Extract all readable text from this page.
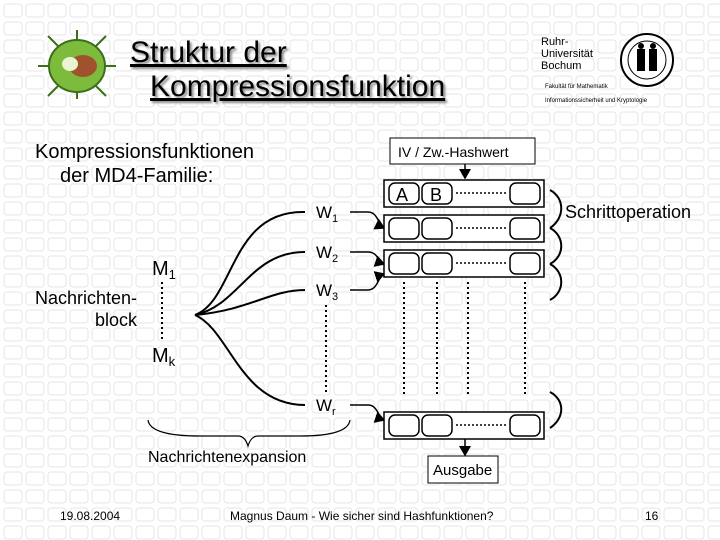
Struktur der
Kompressionsfunktion
Ruhr-
Universität
Bochum
Fakultät für Mathematik
Informationssicherheit und Kryptologie
Kompressionsfunktionen
der MD4-Familie:
Nachrichten-
block
$M_1$
$M_k$
$W_1$
$W_2$
$W_3$
$W_r$
Nachrichtenexpansion
IV / Zw.-Hashwert
A B
Schrittoperation
Ausgabe
19.08.2004	Magnus Daum - Wie sicher sind Hashfunktionen?	16
